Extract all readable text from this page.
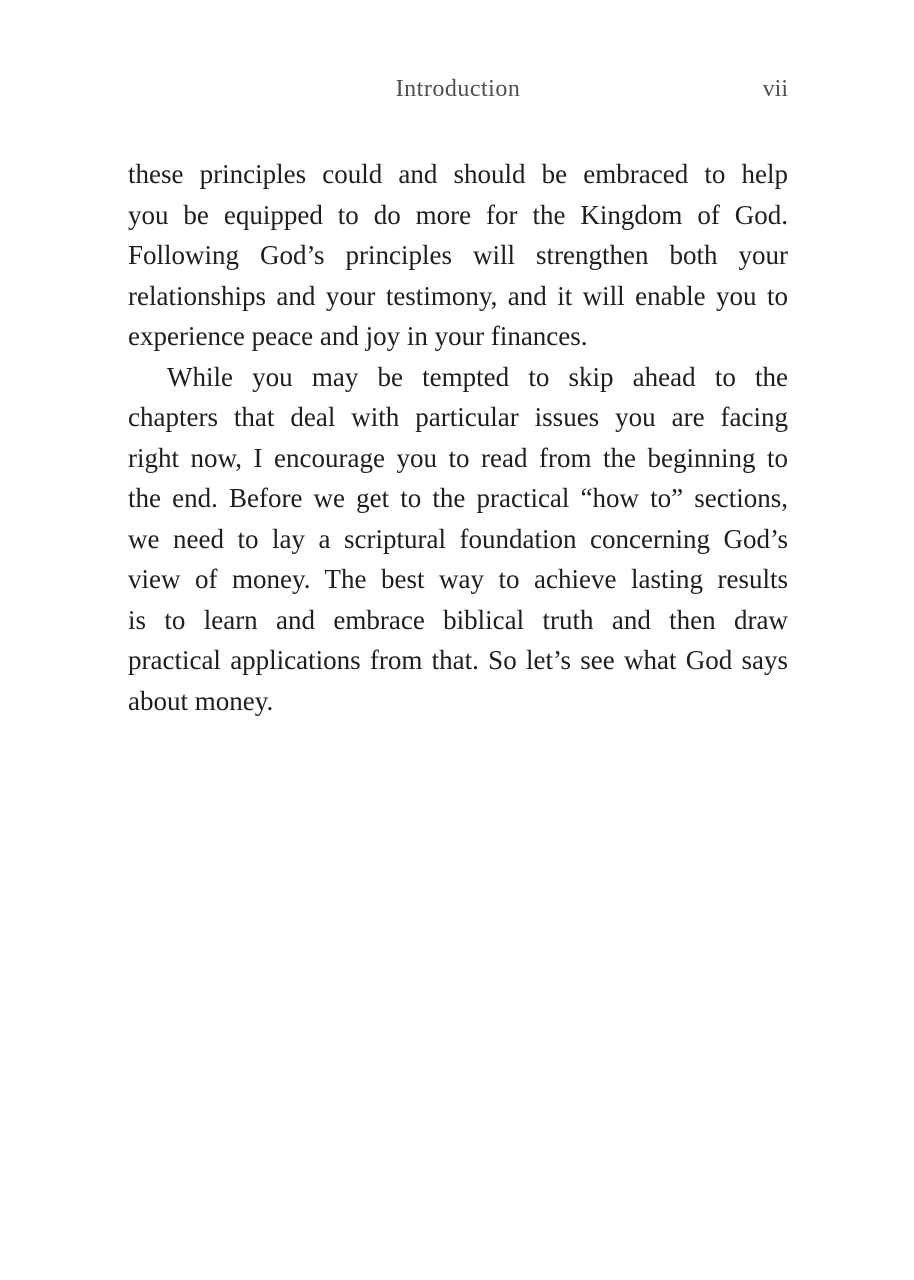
Introduction	vii
these principles could and should be embraced to help
you be equipped to do more for the Kingdom of God.
Following God’s principles will strengthen both your
relationships and your testimony, and it will enable you to
experience peace and joy in your finances.
While you may be tempted to skip ahead to the
chapters that deal with particular issues you are facing
right now, I encourage you to read from the beginning to
the end. Before we get to the practical “how to” sections,
we need to lay a scriptural foundation concerning God’s
view of money. The best way to achieve lasting results
is to learn and embrace biblical truth and then draw
practical applications from that. So let’s see what God says
about money.
